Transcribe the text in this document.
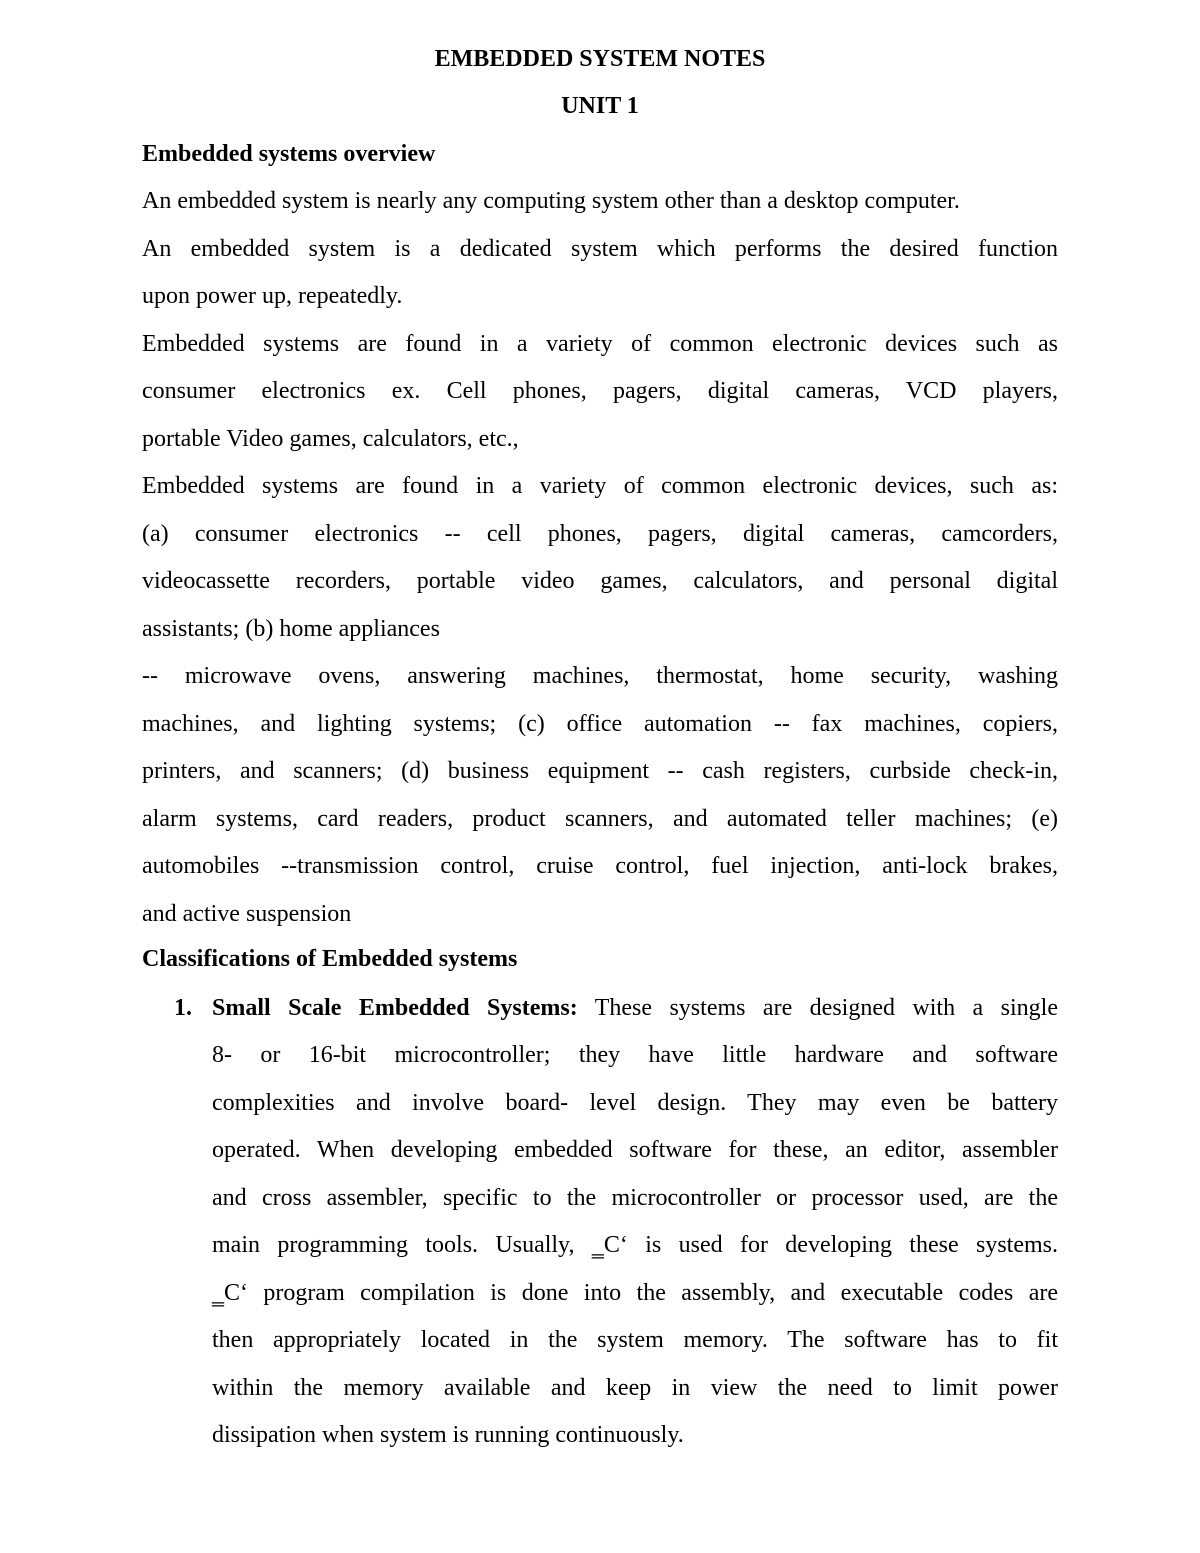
EMBEDDED SYSTEM NOTES
UNIT 1
Embedded systems overview
An embedded system is nearly any computing system other than a desktop computer.
An embedded system is a dedicated system which performs the desired function
upon power up, repeatedly.
Embedded systems are found in a variety of common electronic devices such as
consumer electronics ex. Cell phones, pagers, digital cameras, VCD players,
portable Video games, calculators, etc.,
Embedded systems are found in a variety of common electronic devices, such as:
(a) consumer electronics -- cell phones, pagers, digital cameras, camcorders,
videocassette recorders, portable video games, calculators, and personal digital
assistants; (b) home appliances
-- microwave ovens, answering machines, thermostat, home security, washing
machines, and lighting systems; (c) office automation -- fax machines, copiers,
printers, and scanners; (d) business equipment -- cash registers, curbside check-in,
alarm systems, card readers, product scanners, and automated teller machines; (e)
automobiles --transmission control, cruise control, fuel injection, anti-lock brakes,
and active suspension
Classifications of Embedded systems
1. Small Scale Embedded Systems: These systems are designed with a single
8- or 16-bit microcontroller; they have little hardware and software
complexities and involve board- level design. They may even be battery
operated. When developing embedded software for these, an editor, assembler
and cross assembler, specific to the microcontroller or processor used, are the
main programming tools. Usually, ‗C‘ is used for developing these systems.
‗C‘ program compilation is done into the assembly, and executable codes are
then appropriately located in the system memory. The software has to fit
within the memory available and keep in view the need to limit power
dissipation when system is running continuously.
